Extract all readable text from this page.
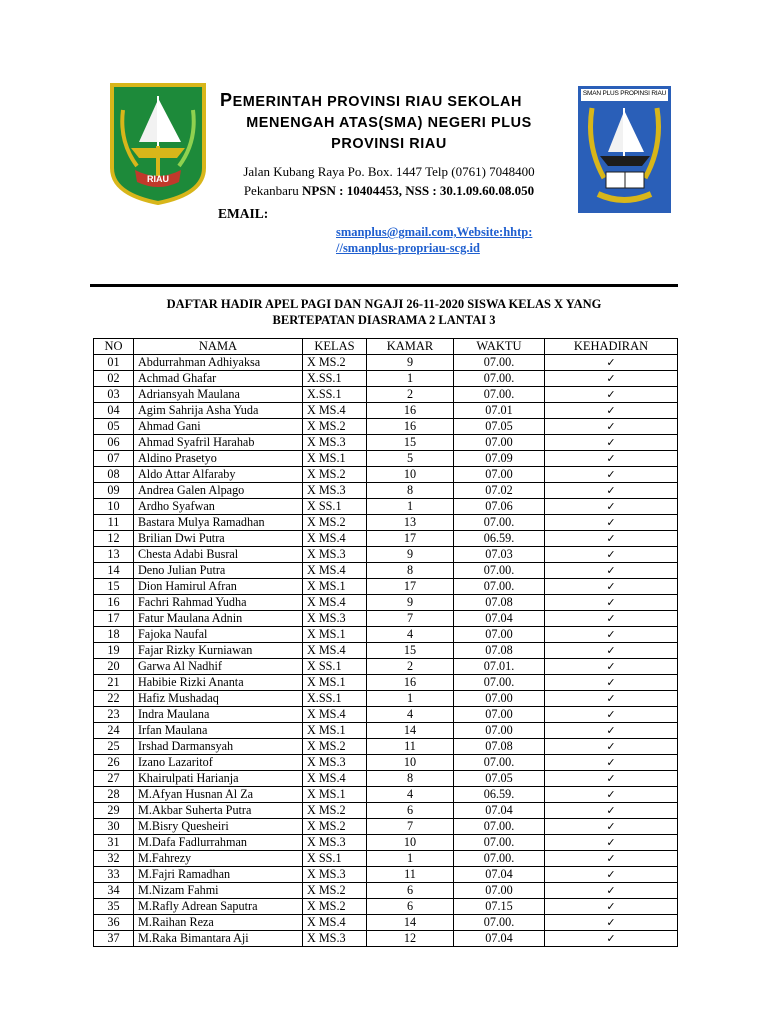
RIAU
SMAN PLUS PROPINSI RIAU
PEMERINTAH PROVINSI RIAU SEKOLAH
MENENGAH ATAS(SMA) NEGERI PLUS
PROVINSI RIAU
Jalan Kubang Raya Po. Box. 1447 Telp (0761) 7048400
Pekanbaru NPSN : 10404453, NSS : 30.1.09.60.08.050
EMAIL:
smanplus@gmail.com,Website:hhtp:
//smanplus-propriau-scg.id
DAFTAR HADIR APEL PAGI DAN NGAJI 26-11-2020 SISWA KELAS X YANG
BERTEPATAN DIASRAMA 2 LANTAI 3
NO	NAMA	KELAS	KAMAR	WAKTU	KEHADIRAN
01	Abdurrahman Adhiyaksa	X MS.2	9	07.00.	✓
02	Achmad Ghafar	X.SS.1	1	07.00.	✓
03	Adriansyah Maulana	X.SS.1	2	07.00.	✓
04	Agim Sahrija Asha Yuda	X MS.4	16	07.01	✓
05	Ahmad Gani	X MS.2	16	07.05	✓
06	Ahmad Syafril Harahab	X MS.3	15	07.00	✓
07	Aldino Prasetyo	X MS.1	5	07.09	✓
08	Aldo Attar Alfaraby	X MS.2	10	07.00	✓
09	Andrea Galen Alpago	X MS.3	8	07.02	✓
10	Ardho Syafwan	X SS.1	1	07.06	✓
11	Bastara Mulya Ramadhan	X MS.2	13	07.00.	✓
12	Brilian Dwi Putra	X MS.4	17	06.59.	✓
13	Chesta Adabi Busral	X MS.3	9	07.03	✓
14	Deno Julian Putra	X MS.4	8	07.00.	✓
15	Dion Hamirul Afran	X MS.1	17	07.00.	✓
16	Fachri Rahmad Yudha	X MS.4	9	07.08	✓
17	Fatur Maulana Adnin	X MS.3	7	07.04	✓
18	Fajoka Naufal	X MS.1	4	07.00	✓
19	Fajar Rizky Kurniawan	X MS.4	15	07.08	✓
20	Garwa Al Nadhif	X SS.1	2	07.01.	✓
21	Habibie Rizki Ananta	X MS.1	16	07.00.	✓
22	Hafiz Mushadaq	X.SS.1	1	07.00	✓
23	Indra Maulana	X MS.4	4	07.00	✓
24	Irfan Maulana	X MS.1	14	07.00	✓
25	Irshad Darmansyah	X MS.2	11	07.08	✓
26	Izano Lazaritof	X MS.3	10	07.00.	✓
27	Khairulpati Harianja	X MS.4	8	07.05	✓
28	M.Afyan Husnan Al Za	X MS.1	4	06.59.	✓
29	M.Akbar Suherta Putra	X MS.2	6	07.04	✓
30	M.Bisry Quesheiri	X MS.2	7	07.00.	✓
31	M.Dafa Fadlurrahman	X MS.3	10	07.00.	✓
32	M.Fahrezy	X SS.1	1	07.00.	✓
33	M.Fajri Ramadhan	X MS.3	11	07.04	✓
34	M.Nizam Fahmi	X MS.2	6	07.00	✓
35	M.Rafly Adrean Saputra	X MS.2	6	07.15	✓
36	M.Raihan Reza	X MS.4	14	07.00.	✓
37	M.Raka Bimantara Aji	X MS.3	12	07.04	✓
